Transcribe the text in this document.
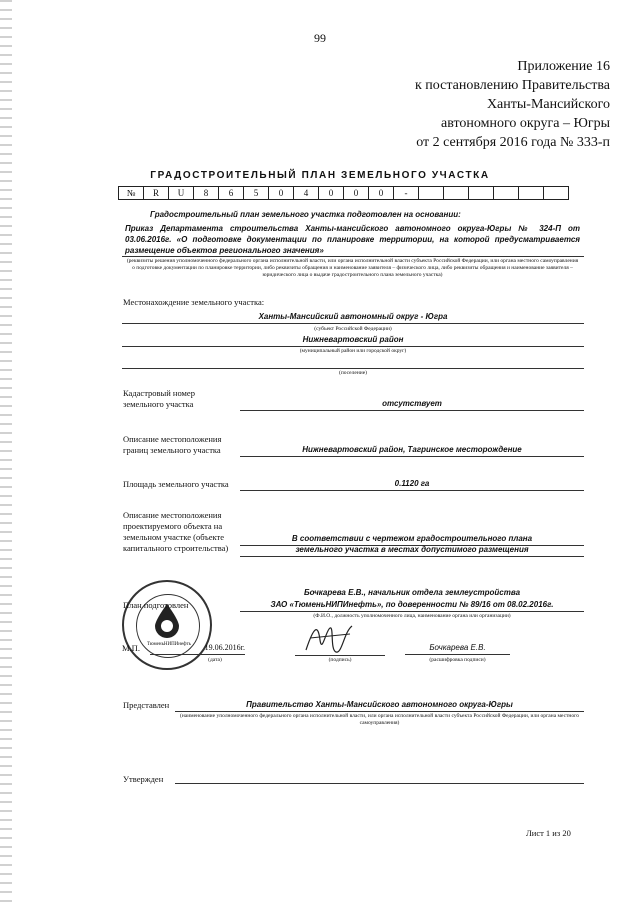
99
Приложение 16
к постановлению Правительства
Ханты-Мансийского
автономного округа – Югры
от 2 сентября 2016 года № 333-п
ГРАДОСТРОИТЕЛЬНЫЙ ПЛАН ЗЕМЕЛЬНОГО УЧАСТКА
№	R	U	8	6	5	0	4	0	0	0	-						
Градостроительный план земельного участка подготовлен на основании:
Приказ Департамента строительства Ханты-мансийского автономного округа-Югры № 324-П от 03.06.2016г. «О подготовке документации по планировке территории, на которой предусматривается размещение объектов регионального значения»
(реквизиты решения уполномоченного федерального органа исполнительной власти, или органа исполнительной власти субъекта Российской Федерации, или органа местного самоуправления о подготовке документации по планировке территории, либо реквизиты обращения и наименование заявителя – физического лица, либо реквизиты обращения и наименование заявителя – юридического лица о выдаче градостроительного плана земельного участка)
Местонахождение земельного участка:
Ханты-Мансийский автономный округ - Югра
(субъект Российской Федерации)
Нижневартовский район
(муниципальный район или городской округ)
(поселение)
Кадастровый номер земельного участка	отсутствует
Описание местоположения границ земельного участка	Нижневартовский район, Тагринское месторождение
Площадь земельного участка	0.1120 га
Описание местоположения проектируемого объекта на земельном участке (объекте капитального строительства)
В соответствии с чертежом градостроительного плана
земельного участка в местах допустимого размещения
ТюменьНИПИнефть
План подготовлен
Бочкарева Е.В., начальник отдела землеустройства
ЗАО «ТюменьНИПИнефть», по доверенности № 89/16 от 08.02.2016г.
(Ф.И.О., должность уполномоченного лица, наименование органа или организации)
М.П.	19.06.2016г.
(дата)	(подпись)
Бочкарева Е.В.
(расшифровка подписи)
Представлен	Правительство Ханты-Мансийского автономного округа-Югры
(наименование уполномоченного федерального органа исполнительной власти, или органа исполнительной власти субъекта Российской Федерации, или органа местного самоуправления)
Утвержден
Лист 1 из 20
